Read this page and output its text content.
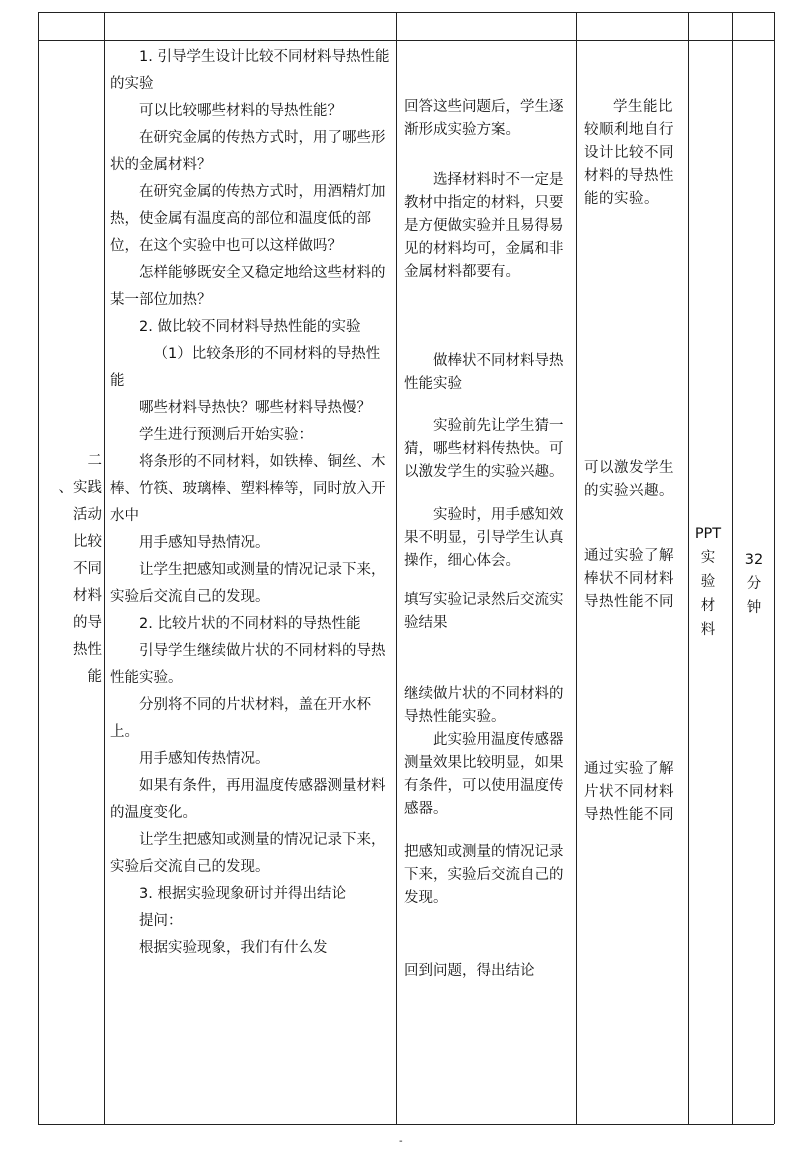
二

、实践

活动

比较

不同

材料

的导

热性

能

1. 引导学生设计比较不同材料导热性能的实验

可以比较哪些材料的导热性能？

在研究金属的传热方式时，用了哪些形状的金属材料？

在研究金属的传热方式时，用酒精灯加热，使金属有温度高的部位和温度低的部位，在这个实验中也可以这样做吗？

怎样能够既安全又稳定地给这些材料的某一部位加热？

2. 做比较不同材料导热性能的实验

（1）比较条形的不同材料的导热性能

哪些材料导热快？哪些材料导热慢？

学生进行预测后开始实验：

将条形的不同材料，如铁棒、铜丝、木棒、竹筷、玻璃棒、塑料棒等，同时放入开水中

用手感知导热情况。

让学生把感知或测量的情况记录下来，实验后交流自己的发现。

2. 比较片状的不同材料的导热性能

引导学生继续做片状的不同材料的导热性能实验。

分别将不同的片状材料，盖在开水杯上。

用手感知传热情况。

如果有条件，再用温度传感器测量材料的温度变化。

让学生把感知或测量的情况记录下来，实验后交流自己的发现。

3. 根据实验现象研讨并得出结论

提问：

根据实验现象，我们有什么发

回答这些问题后，学生逐渐形成实验方案。

选择材料时不一定是教材中指定的材料，只要是方便做实验并且易得易见的材料均可，金属和非金属材料都要有。

做棒状不同材料导热性能实验

实验前先让学生猜一猜，哪些材料传热快。可以激发学生的实验兴趣。

实验时，用手感知效果不明显，引导学生认真操作，细心体会。

填写实验记录然后交流实验结果

继续做片状的不同材料的导热性能实验。

此实验用温度传感器测量效果比较明显，如果有条件，可以使用温度传感器。

把感知或测量的情况记录下来，实验后交流自己的发现。

回到问题，得出结论

学生能比较顺利地自行设计比较不同材料的导热性能的实验。

可以激发学生的实验兴趣。

通过实验了解棒状不同材料导热性能不同

通过实验了解片状不同材料导热性能不同

PPT
实
验
材
料
32
分
钟
-
